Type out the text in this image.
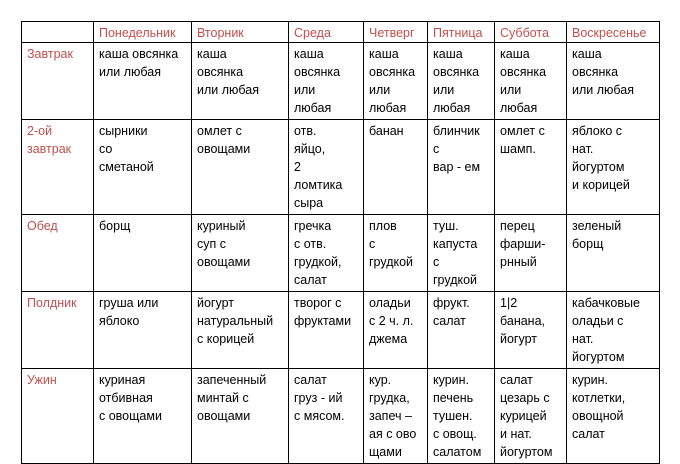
	Понедельник	Вторник	Среда	Четверг	Пятница	Суббота	Воскресенье

Завтрак	каша овсянка
или любая	каша
овсянка
или любая	каша
овсянка
или
любая	каша
овсянка
или
любая	каша
овсянка
или
любая	каша
овсянка
или
любая	каша
овсянка
или любая

2-ой
завтрак	сырники
со
сметаной	омлет с
овощами	отв.
яйцо,
2
ломтика
сыра	банан	блинчик
с
вар - ем	омлет с
шамп.	яблоко с
нат.
йогуртом
и корицей

Обед	борщ	куриный
суп с
овощами	гречка
с отв.
грудкой,
салат	плов
с
грудкой	туш.
капуста
с
грудкой	перец
фарши-
рнный	зеленый
борщ

Полдник	груша или
яблоко	йогурт
натуральный
с корицей	творог с
фруктами	оладьи
с 2 ч. л.
джема	фрукт.
салат	1|2
банана,
йогурт	кабачковые
оладьи с
нат.
йогуртом

Ужин	куриная
отбивная
с овощами	запеченный
минтай с
овощами	салат
груз - ий
с мясом.	кур.
грудка,
запеч –
ая с ово
щами	курин.
печень
тушен.
с овощ.
салатом	салат
цезарь с
курицей
и нат.
йогуртом	курин.
котлетки,
овощной
салат
